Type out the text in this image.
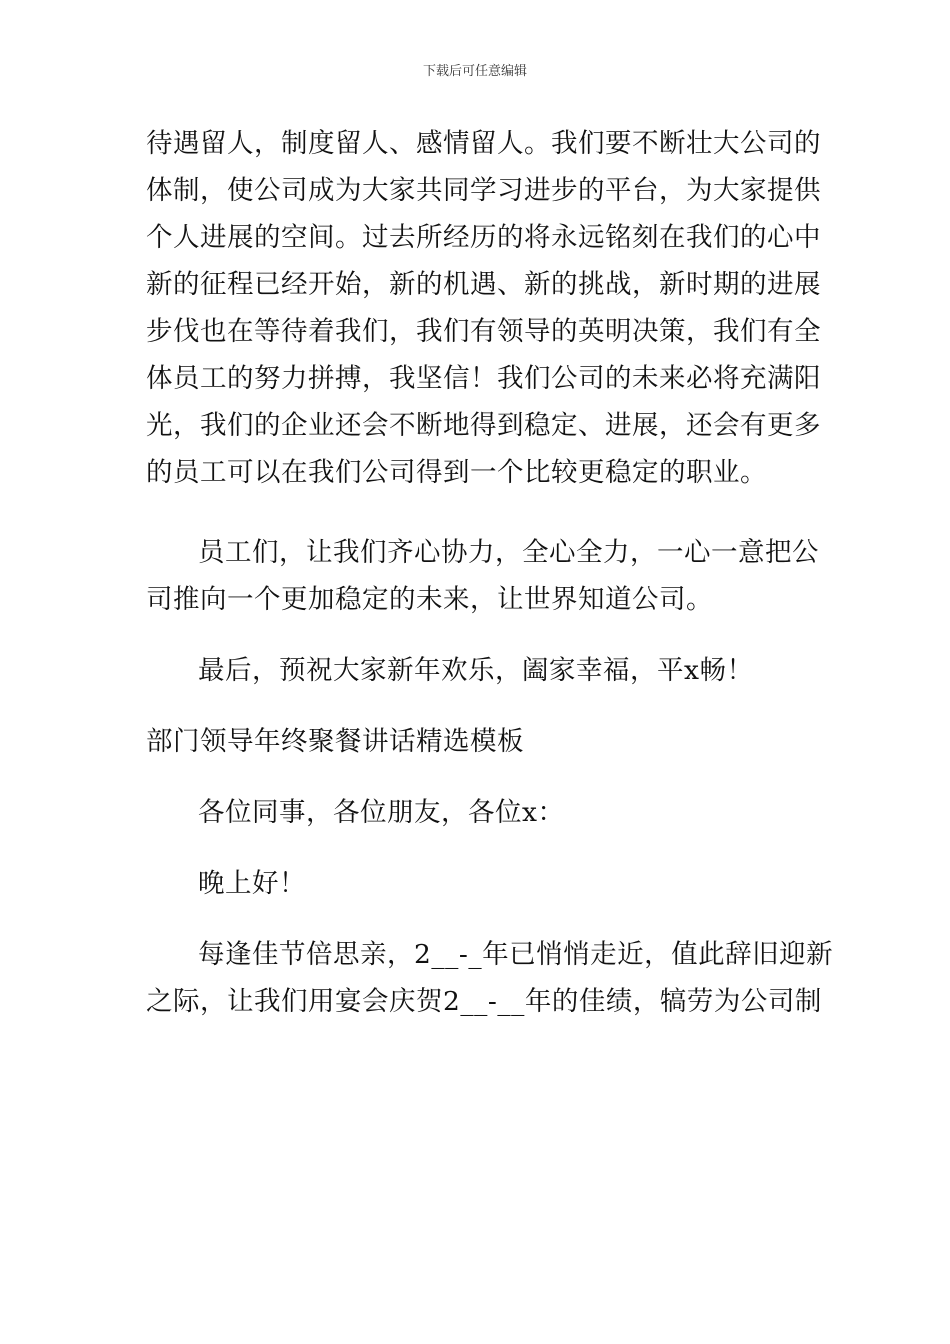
下载后可任意编辑
待遇留人，制度留人、感情留人。我们要不断壮大公司的
体制，使公司成为大家共同学习进步的平台，为大家提供
个人进展的空间。过去所经历的将永远铭刻在我们的心中
新的征程已经开始，新的机遇、新的挑战，新时期的进展
步伐也在等待着我们，我们有领导的英明决策，我们有全
体员工的努力拼搏，我坚信！我们公司的未来必将充满阳
光，我们的企业还会不断地得到稳定、进展，还会有更多
的员工可以在我们公司得到一个比较更稳定的职业。
员工们，让我们齐心协力，全心全力，一心一意把公
司推向一个更加稳定的未来，让世界知道公司。
最后，预祝大家新年欢乐，阖家幸福，平x畅！
部门领导年终聚餐讲话精选模板
各位同事，各位朋友，各位x：
晚上好！
每逢佳节倍思亲，2__-_年已悄悄走近，值此辞旧迎新
之际，让我们用宴会庆贺2__-__年的佳绩，犒劳为公司制
